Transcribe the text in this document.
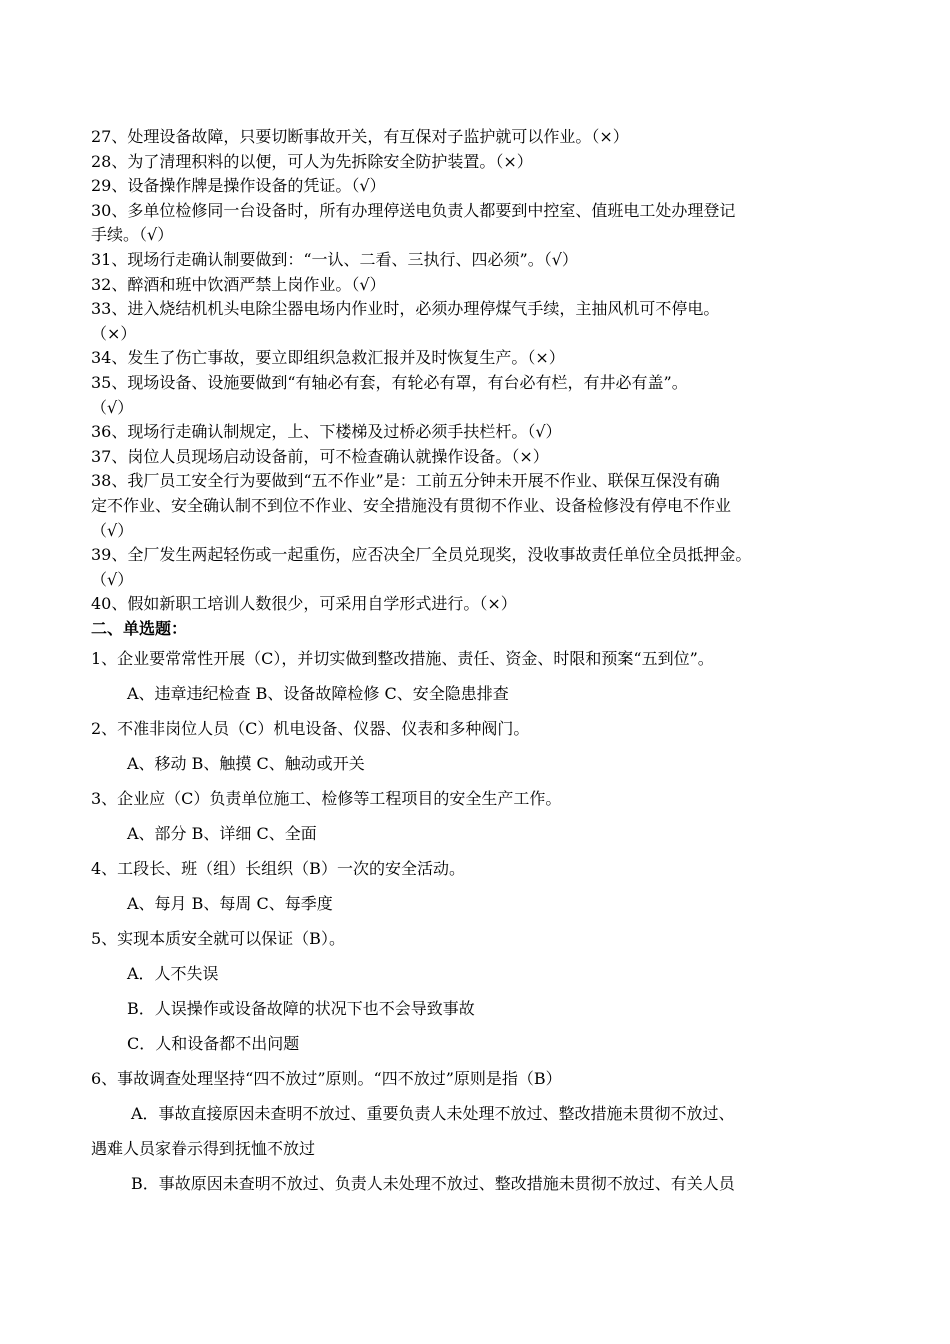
27、处理设备故障，只要切断事故开关，有互保对子监护就可以作业。（×）
28、为了清理积料的以便，可人为先拆除安全防护装置。（×）
29、设备操作牌是操作设备的凭证。（√）
30、多单位检修同一台设备时，所有办理停送电负责人都要到中控室、值班电工处办理登记
手续。（√）
31、现场行走确认制要做到：“一认、二看、三执行、四必须”。（√）
32、醉酒和班中饮酒严禁上岗作业。（√）
33、进入烧结机机头电除尘器电场内作业时，必须办理停煤气手续，主抽风机可不停电。
（×）
34、发生了伤亡事故，要立即组织急救汇报并及时恢复生产。（×）
35、现场设备、设施要做到“有轴必有套，有轮必有罩，有台必有栏，有井必有盖”。
（√）
36、现场行走确认制规定，上、下楼梯及过桥必须手扶栏杆。（√）
37、岗位人员现场启动设备前，可不检查确认就操作设备。（×）
38、我厂员工安全行为要做到“五不作业”是：工前五分钟未开展不作业、联保互保没有确
定不作业、安全确认制不到位不作业、安全措施没有贯彻不作业、设备检修没有停电不作业
（√）
39、全厂发生两起轻伤或一起重伤，应否决全厂全员兑现奖，没收事故责任单位全员抵押金。
（√）
40、假如新职工培训人数很少，可采用自学形式进行。（×）
二、单选题：
1、企业要常常性开展（C），并切实做到整改措施、责任、资金、时限和预案“五到位”。
A、违章违纪检查 B、设备故障检修 C、安全隐患排查
2、不准非岗位人员（C）机电设备、仪器、仪表和多种阀门。
A、移动 B、触摸 C、触动或开关
3、企业应（C）负责单位施工、检修等工程项目的安全生产工作。
A、部分 B、详细 C、全面
4、工段长、班（组）长组织（B）一次的安全活动。
A、每月 B、每周 C、每季度
5、实现本质安全就可以保证（B）。
A．人不失误
B．人误操作或设备故障的状况下也不会导致事故
C．人和设备都不出问题
6、事故调查处理坚持“四不放过”原则。“四不放过”原则是指（B）
A．事故直接原因未查明不放过、重要负责人未处理不放过、整改措施未贯彻不放过、
遇难人员家眷示得到抚恤不放过
B．事故原因未查明不放过、负责人未处理不放过、整改措施未贯彻不放过、有关人员
